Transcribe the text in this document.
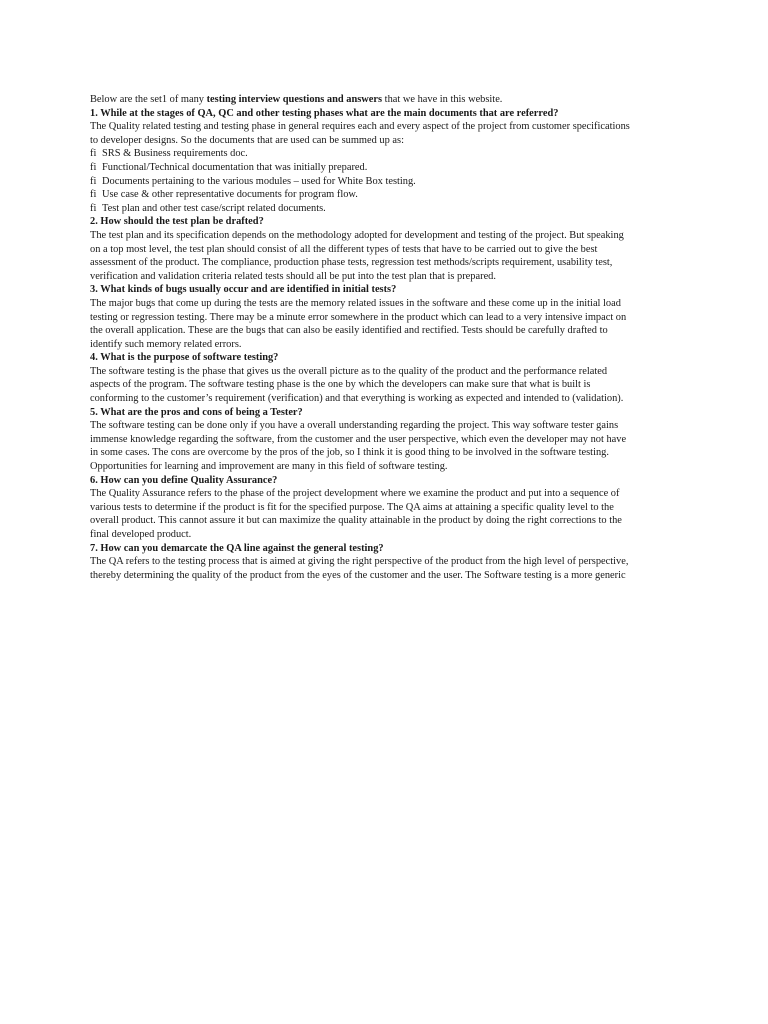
Below are the set1 of many testing interview questions and answers that we have in this website.

1. While at the stages of QA, QC and other testing phases what are the main documents that are referred?

The Quality related testing and testing phase in general requires each and every aspect of the project from customer specifications
to developer designs. So the documents that are used can be summed up as:

fi SRS & Business requirements doc.

fi Functional/Technical documentation that was initially prepared.

fi Documents pertaining to the various modules – used for White Box testing.

fi Use case & other representative documents for program flow.

fi Test plan and other test case/script related documents.

2. How should the test plan be drafted?

The test plan and its specification depends on the methodology adopted for development and testing of the project. But speaking
on a top most level, the test plan should consist of all the different types of tests that have to be carried out to give the best
assessment of the product. The compliance, production phase tests, regression test methods/scripts requirement, usability test,
verification and validation criteria related tests should all be put into the test plan that is prepared.

3. What kinds of bugs usually occur and are identified in initial tests?

The major bugs that come up during the tests are the memory related issues in the software and these come up in the initial load
testing or regression testing. There may be a minute error somewhere in the product which can lead to a very intensive impact on
the overall application. These are the bugs that can also be easily identified and rectified. Tests should be carefully drafted to
identify such memory related errors.

4. What is the purpose of software testing?

The software testing is the phase that gives us the overall picture as to the quality of the product and the performance related
aspects of the program. The software testing phase is the one by which the developers can make sure that what is built is
conforming to the customer’s requirement (verification) and that everything is working as expected and intended to (validation).

5. What are the pros and cons of being a Tester?

The software testing can be done only if you have a overall understanding regarding the project. This way software tester gains
immense knowledge regarding the software, from the customer and the user perspective, which even the developer may not have
in some cases. The cons are overcome by the pros of the job, so I think it is good thing to be involved in the software testing.
Opportunities for learning and improvement are many in this field of software testing.

6. How can you define Quality Assurance?

The Quality Assurance refers to the phase of the project development where we examine the product and put into a sequence of
various tests to determine if the product is fit for the specified purpose. The QA aims at attaining a specific quality level to the
overall product. This cannot assure it but can maximize the quality attainable in the product by doing the right corrections to the
final developed product.

7. How can you demarcate the QA line against the general testing?

The QA refers to the testing process that is aimed at giving the right perspective of the product from the high level of perspective,
thereby determining the quality of the product from the eyes of the customer and the user. The Software testing is a more generic
